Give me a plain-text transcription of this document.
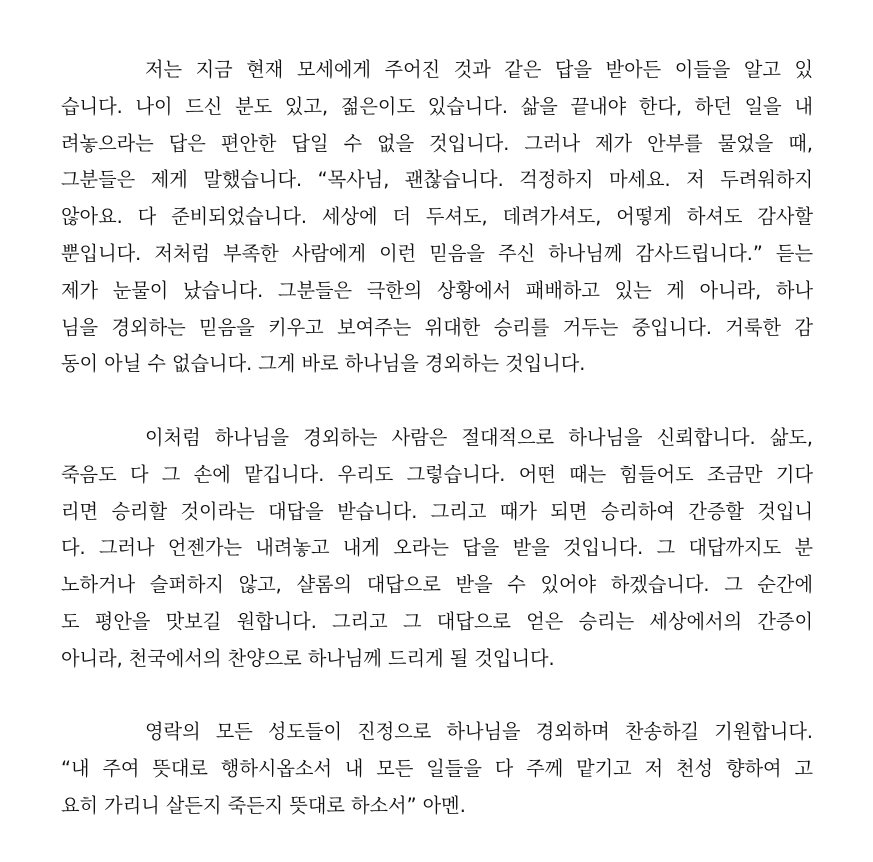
저는 지금 현재 모세에게 주어진 것과 같은 답을 받아든 이들을 알고 있
습니다. 나이 드신 분도 있고, 젊은이도 있습니다. 삶을 끝내야 한다, 하던 일을 내
려놓으라는 답은 편안한 답일 수 없을 것입니다. 그러나 제가 안부를 물었을 때,
그분들은 제게 말했습니다. “목사님, 괜찮습니다. 걱정하지 마세요. 저 두려워하지
않아요. 다 준비되었습니다. 세상에 더 두셔도, 데려가셔도, 어떻게 하셔도 감사할
뿐입니다. 저처럼 부족한 사람에게 이런 믿음을 주신 하나님께 감사드립니다.” 듣는
제가 눈물이 났습니다. 그분들은 극한의 상황에서 패배하고 있는 게 아니라, 하나
님을 경외하는 믿음을 키우고 보여주는 위대한 승리를 거두는 중입니다. 거룩한 감
동이 아닐 수 없습니다. 그게 바로 하나님을 경외하는 것입니다.

이처럼 하나님을 경외하는 사람은 절대적으로 하나님을 신뢰합니다. 삶도,
죽음도 다 그 손에 맡깁니다. 우리도 그렇습니다. 어떤 때는 힘들어도 조금만 기다
리면 승리할 것이라는 대답을 받습니다. 그리고 때가 되면 승리하여 간증할 것입니
다. 그러나 언젠가는 내려놓고 내게 오라는 답을 받을 것입니다. 그 대답까지도 분
노하거나 슬퍼하지 않고, 샬롬의 대답으로 받을 수 있어야 하겠습니다. 그 순간에
도 평안을 맛보길 원합니다. 그리고 그 대답으로 얻은 승리는 세상에서의 간증이
아니라, 천국에서의 찬양으로 하나님께 드리게 될 것입니다.

영락의 모든 성도들이 진정으로 하나님을 경외하며 찬송하길 기원합니다.
“내 주여 뜻대로 행하시옵소서 내 모든 일들을 다 주께 맡기고 저 천성 향하여 고
요히 가리니 살든지 죽든지 뜻대로 하소서” 아멘.
